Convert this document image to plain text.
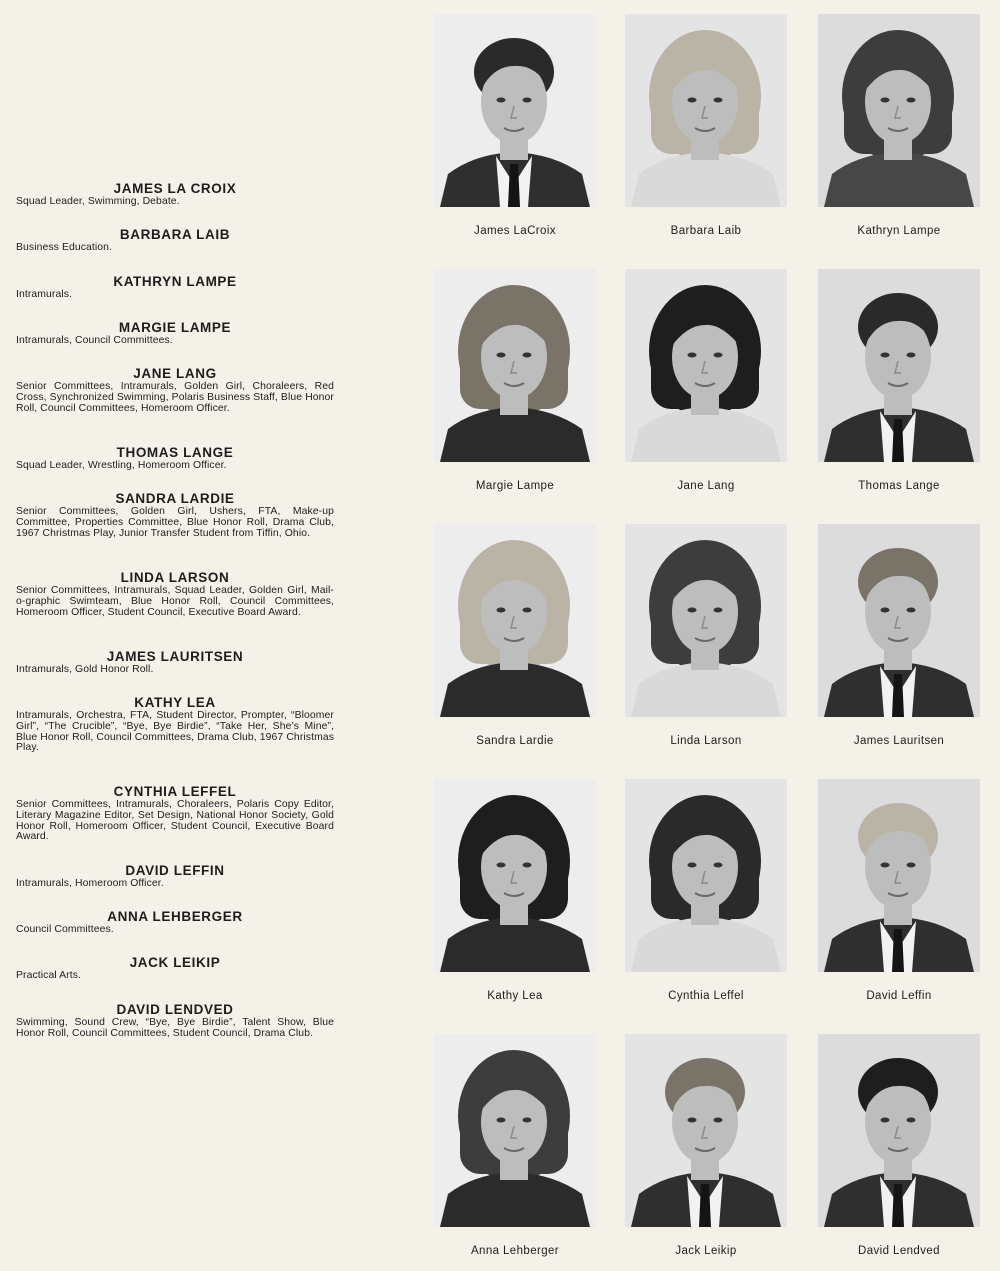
JAMES LA CROIX
Squad Leader, Swimming, Debate.
BARBARA LAIB
Business Education.
KATHRYN LAMPE
Intramurals.
MARGIE LAMPE
Intramurals, Council Committees.
JANE LANG
Senior Committees, Intramurals, Golden Girl, Choraleers, Red Cross, Synchronized Swimming, Polaris Business Staff, Blue Honor Roll, Council Committees, Homeroom Officer.
THOMAS LANGE
Squad Leader, Wrestling, Homeroom Officer.
SANDRA LARDIE
Senior Committees, Golden Girl, Ushers, FTA, Make-up Committee, Properties Committee, Blue Honor Roll, Drama Club, 1967 Christmas Play, Junior Transfer Student from Tiffin, Ohio.
LINDA LARSON
Senior Committees, Intramurals, Squad Leader, Golden Girl, Mail-o-graphic Swimteam, Blue Honor Roll, Council Committees, Homeroom Officer, Student Council, Executive Board Award.
JAMES LAURITSEN
Intramurals, Gold Honor Roll.
KATHY LEA
Intramurals, Orchestra, FTA, Student Director, Prompter, “Bloomer Girl”, “The Crucible”, “Bye, Bye Birdie”, “Take Her, She’s Mine”, Blue Honor Roll, Council Committees, Drama Club, 1967 Christmas Play.
CYNTHIA LEFFEL
Senior Committees, Intramurals, Choraleers, Polaris Copy Editor, Literary Magazine Editor, Set Design, National Honor Society, Gold Honor Roll, Homeroom Officer, Student Council, Executive Board Award.
DAVID LEFFIN
Intramurals, Homeroom Officer.
ANNA LEHBERGER
Council Committees.
JACK LEIKIP
Practical Arts.
DAVID LENDVED
Swimming, Sound Crew, “Bye, Bye Birdie”, Talent Show, Blue Honor Roll, Council Committees, Student Council, Drama Club.
James LaCroix	Barbara Laib	Kathryn Lampe
Margie Lampe	Jane Lang	Thomas Lange
Sandra Lardie	Linda Larson	James Lauritsen
Kathy Lea	Cynthia Leffel	David Leffin
Anna Lehberger	Jack Leikip	David Lendved
